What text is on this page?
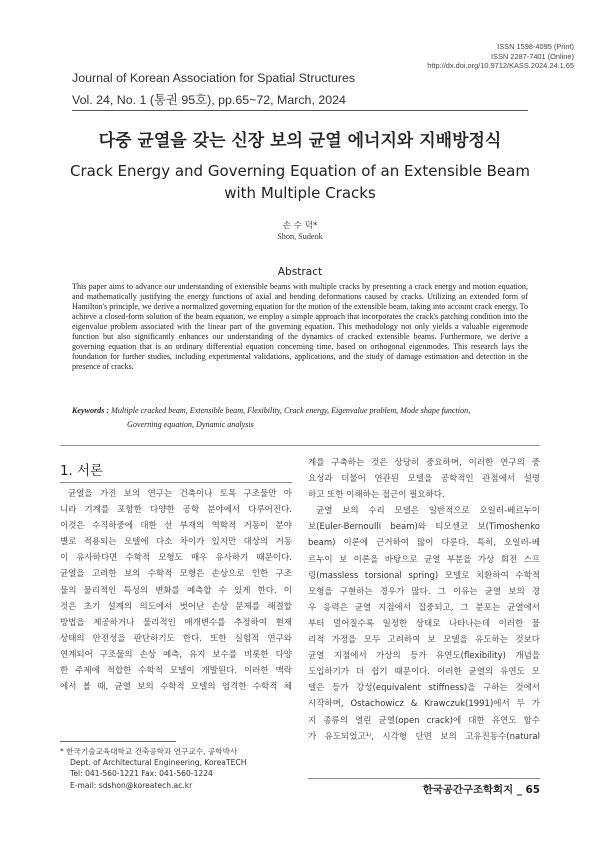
ISSN 1598-4095 (Print)
ISSN 2287-7401 (Online)
http://dx.doi.org/10.9712/KASS.2024.24.1.65
Journal of Korean Association for Spatial Structures
Vol. 24, No. 1 (통권 95호), pp.65~72, March, 2024
다중 균열을 갖는 신장 보의 균열 에너지와 지배방정식
Crack Energy and Governing Equation of an Extensible Beam
with Multiple Cracks
손 수 덕*
Shon, Sudeok
Abstract
This paper aims to advance our understanding of extensible beams with multiple cracks by presenting a crack energy and motion equation, and mathematically justifying the energy functions of axial and bending deformations caused by cracks. Utilizing an extended form of Hamilton's principle, we derive a normalized governing equation for the motion of the extensible beam, taking into account crack energy. To achieve a closed-form solution of the beam equation, we employ a simple approach that incorporates the crack's patching condition into the eigenvalue problem associated with the linear part of the governing equation. This methodology not only yields a valuable eigenmode function but also significantly enhances our understanding of the dynamics of cracked extensible beams. Furthermore, we derive a governing equation that is an ordinary differential equation concerning time, based on orthogonal eigenmodes. This research lays the foundation for further studies, including experimental validations, applications, and the study of damage estimation and detection in the presence of cracks.
Keywords : Multiple cracked beam, Extensible beam, Flexibility, Crack energy, Eigenvalue problem, Mode shape function,
Governing equation, Dynamic analysis
1. 서론
균열을 가진 보의 연구는 건축이나 토목 구조물만 아
니라 기계를 포함한 다양한 공학 분야에서 다루어진다.
이것은 수직하중에 대한 선 부재의 역학적 거동이 분야
별로 적용되는 모델에 다소 차이가 있지만 대상의 거동
이 유사하다면 수학적 모형도 매우 유사하기 때문이다.
균열을 고려한 보의 수학적 모형은 손상으로 인한 구조
물의 물리적인 특성의 변화를 예측할 수 있게 한다. 이
것은 초기 설계의 의도에서 벗어난 손상 문제를 해결할
방법을 제공하거나 물리적인 매개변수를 추정하여 현재
상태의 안전성을 판단하기도 한다. 또한 실험적 연구와
연계되어 구조물의 손상 예측, 유지 보수를 비롯한 다양
한 주제에 적합한 수학적 모델이 개발된다. 이러한 맥락
에서 볼 때, 균열 보의 수학적 모델의 엄격한 수학적 체
계를 구축하는 것은 상당히 중요하며, 이러한 연구의 중
요성과 더불어 연관된 모델을 공학적인 관점에서 설명
하고 또한 이해하는 접근이 필요하다.
균열 보의 수리 모델은 일반적으로 오일러-베르누이
보(Euler-Bernoulli beam)와 티모센코 보(Timoshenko
beam) 이론에 근거하여 많이 다룬다. 특히, 오일러-베
르누이 보 이론을 바탕으로 균열 부분을 가상 회전 스프
링(massless torsional spring) 모델로 치환하여 수학적
모형을 구현하는 경우가 많다. 그 이유는 균열 보의 경
우 응력은 균열 지점에서 집중되고, 그 분포는 균열에서
부터 멀어질수록 일정한 상태로 나타나는데 이러한 물
리적 가정을 모두 고려하여 보 모델을 유도하는 것보다
균열 지점에서 가상의 등가 유연도(flexibility) 개념을
도입하기가 더 쉽기 때문이다. 이러한 균열의 유연도 모
델은 등가 강성(equivalent stiffness)을 구하는 것에서
시작하며, Ostachowicz & Krawczuk(1991)에서 두 가
지 종류의 열린 균열(open crack)에 대한 유연도 함수
가 유도되었고¹⁾, 시각형 단면 보의 고유진동수(natural
* 한국기술교육대학교 건축공학과 연구교수, 공학박사
Dept. of Architectural Engineering, KoreaTECH
Tel: 041-560-1221 Fax: 041-560-1224
E-mail: sdshon@koreatech.ac.kr	한국공간구조학회지 _ 65
